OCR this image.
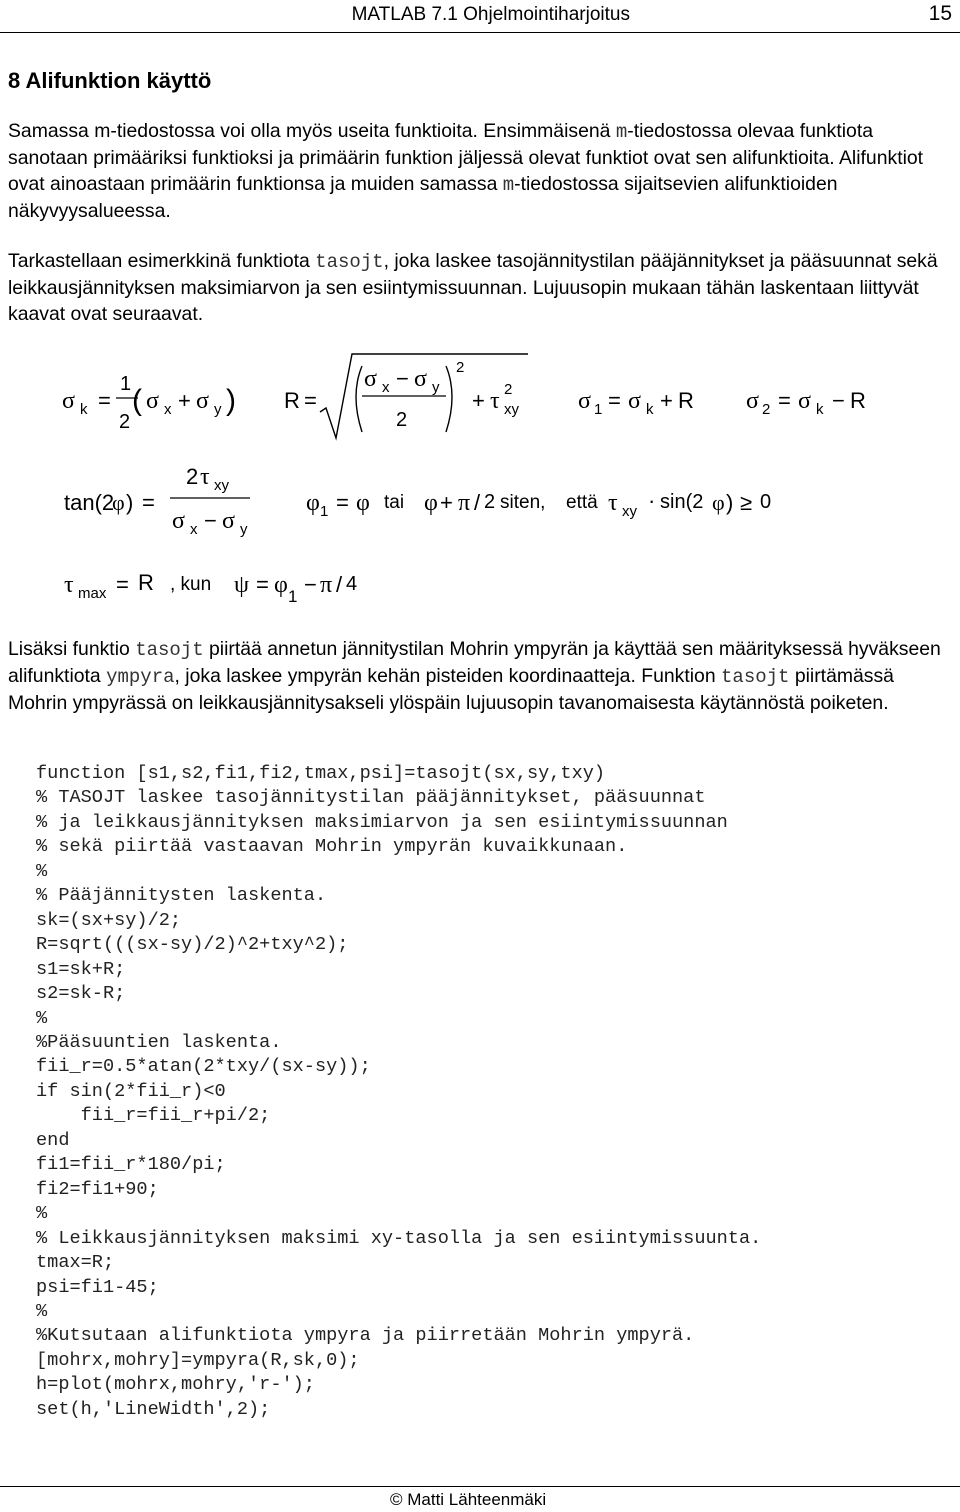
MATLAB 7.1 Ohjelmointiharjoitus	15
8 Alifunktion käyttö

Samassa m-tiedostossa voi olla myös useita funktioita. Ensimmäisenä m-tiedostossa olevaa funktiota sanotaan primääriksi funktioksi ja primäärin funktion jäljessä olevat funktiot ovat sen alifunktioita. Alifunktiot ovat ainoastaan primäärin funktionsa ja muiden samassa m-tiedostossa sijaitsevien alifunktioiden näkyvyysalueessa.

Tarkastellaan esimerkkinä funktiota tasojt, joka laskee tasojännitystilan pääjännitykset ja pääsuunnat sekä leikkausjännityksen maksimiarvon ja sen esiintymissuunnan. Lujuusopin mukaan tähän laskentaan liittyvät kaavat ovat seuraavat.

σ k =
1
2
( σ x + σ y ) R =
σ x − σ y
2
2
+ τ 2
xy σ 1 = σ k + R σ 2 = σ k − R
tan(2
φ ) =
2 τ xy
σ x − σ y
φ 1 = φ tai φ + π / 2 siten, että τ xy · sin(2 φ ) ≥ 0
τ max = R , kun ψ = φ 1 − π / 4

Lisäksi funktio tasojt piirtää annetun jännitystilan Mohrin ympyrän ja käyttää sen määrityksessä hyväkseen alifunktiota ympyra, joka laskee ympyrän kehän pisteiden koordinaatteja. Funktion tasojt piirtämässä Mohrin ympyrässä on leikkausjännitysakseli ylöspäin lujuusopin tavanomaisesta käytännöstä poiketen.

function [s1,s2,fi1,fi2,tmax,psi]=tasojt(sx,sy,txy)
% TASOJT laskee tasojännitystilan pääjännitykset, pääsuunnat
% ja leikkausjännityksen maksimiarvon ja sen esiintymissuunnan
% sekä piirtää vastaavan Mohrin ympyrän kuvaikkunaan.
%
% Pääjännitysten laskenta.
sk=(sx+sy)/2;
R=sqrt(((sx-sy)/2)^2+txy^2);
s1=sk+R;
s2=sk-R;
%
%Pääsuuntien laskenta.
fii_r=0.5*atan(2*txy/(sx-sy));
if sin(2*fii_r)<0
fii_r=fii_r+pi/2;
end
fi1=fii_r*180/pi;
fi2=fi1+90;
%
% Leikkausjännityksen maksimi xy-tasolla ja sen esiintymissuunta.
tmax=R;
psi=fi1-45;
%
%Kutsutaan alifunktiota ympyra ja piirretään Mohrin ympyrä.
[mohrx,mohry]=ympyra(R,sk,0);
h=plot(mohrx,mohry,'r-');
set(h,'LineWidth',2);
© Matti Lähteenmäki
